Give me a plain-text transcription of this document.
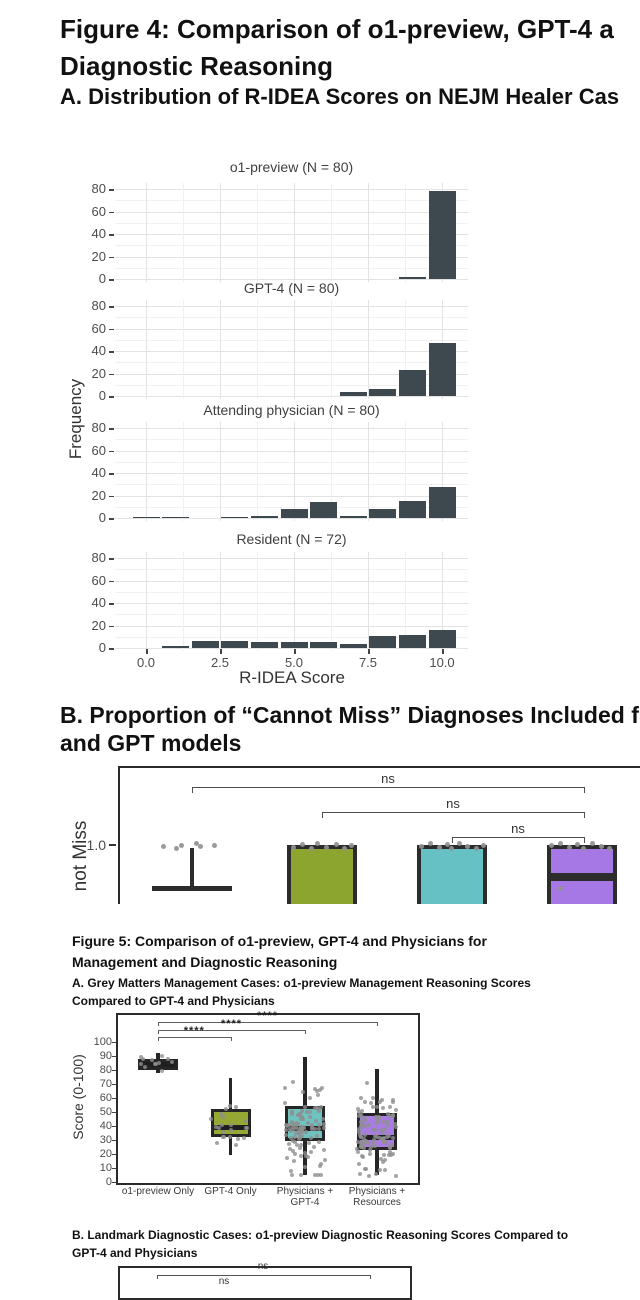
Figure 4: Comparison of o1-preview, GPT-4 a
Diagnostic Reasoning
A. Distribution of R-IDEA Scores on NEJM Healer Cas
Frequency
R-IDEA Score
B. Proportion of “Cannot Miss” Diagnoses Included f
and GPT models
Figure 5: Comparison of o1-preview, GPT-4 and Physicians for
Management and Diagnostic Reasoning
A. Grey Matters Management Cases: o1-preview Management Reasoning Scores
Compared to GPT-4 and Physicians
B. Landmark Diagnostic Cases: o1-preview Diagnostic Reasoning Scores Compared to
GPT-4 and Physicians
not Miss
Score (0-100)
o1-preview (N = 80)
80
60
40
20
0
GPT-4 (N = 80)
80
60
40
20
0
Attending physician (N = 80)
80
60
40
20
0
Resident (N = 72)
80
60
40
20
0
0.0	2.5	5.0	7.5	10.0
1.0
ns
ns
ns
0
10
20
30
40
50
60
70
80
90
100
****
****
****
o1-preview Only	GPT-4 Only	Physicians +
GPT-4
Physicians +
Resources
ns
ns
